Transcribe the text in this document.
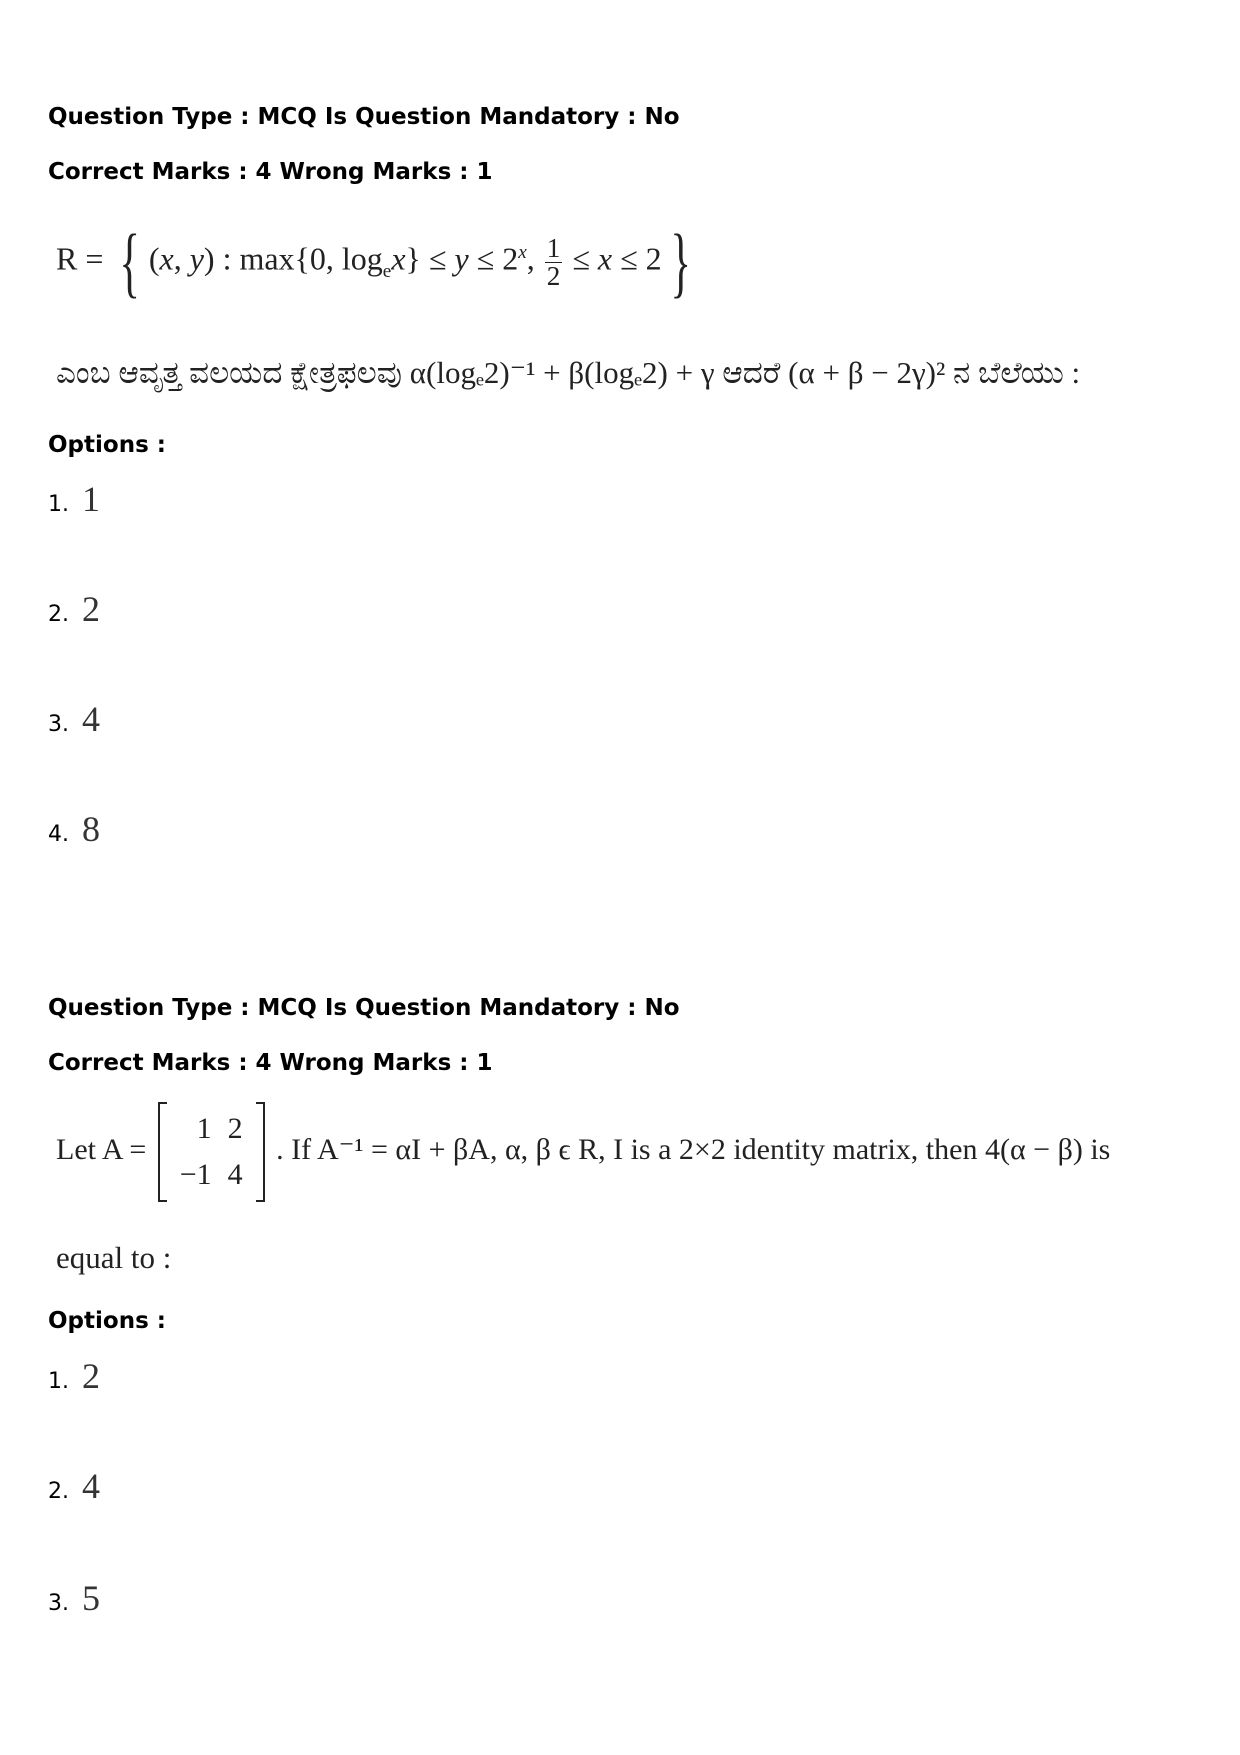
Question Type : MCQ Is Question Mandatory : No

Correct Marks : 4 Wrong Marks : 1

R = { (x, y) : max{0, $\log_ex\} \le y \le 2^x$, $\frac{1}{2} \le x \le 2$ }
ಎಂಬ ಆವೃತ್ತ ವಲಯದ ಕ್ಷೇತ್ರಫಲವು α(logₑ2)⁻¹ + β(logₑ2) + γ ಆದರೆ (α + β − 2γ)² ನ ಬೆಲೆಯು :
Options :
1. 1
2. 2
3. 4
4. 8

Question Type : MCQ Is Question Mandatory : No

Correct Marks : 4 Wrong Marks : 1

Let A =
1	2
−1	4
. If A⁻¹ = αI + βA, α, β ϵ R, I is a 2×2 identity matrix, then 4(α − β) is
equal to :
Options :
1. 2
2. 4
3. 5
